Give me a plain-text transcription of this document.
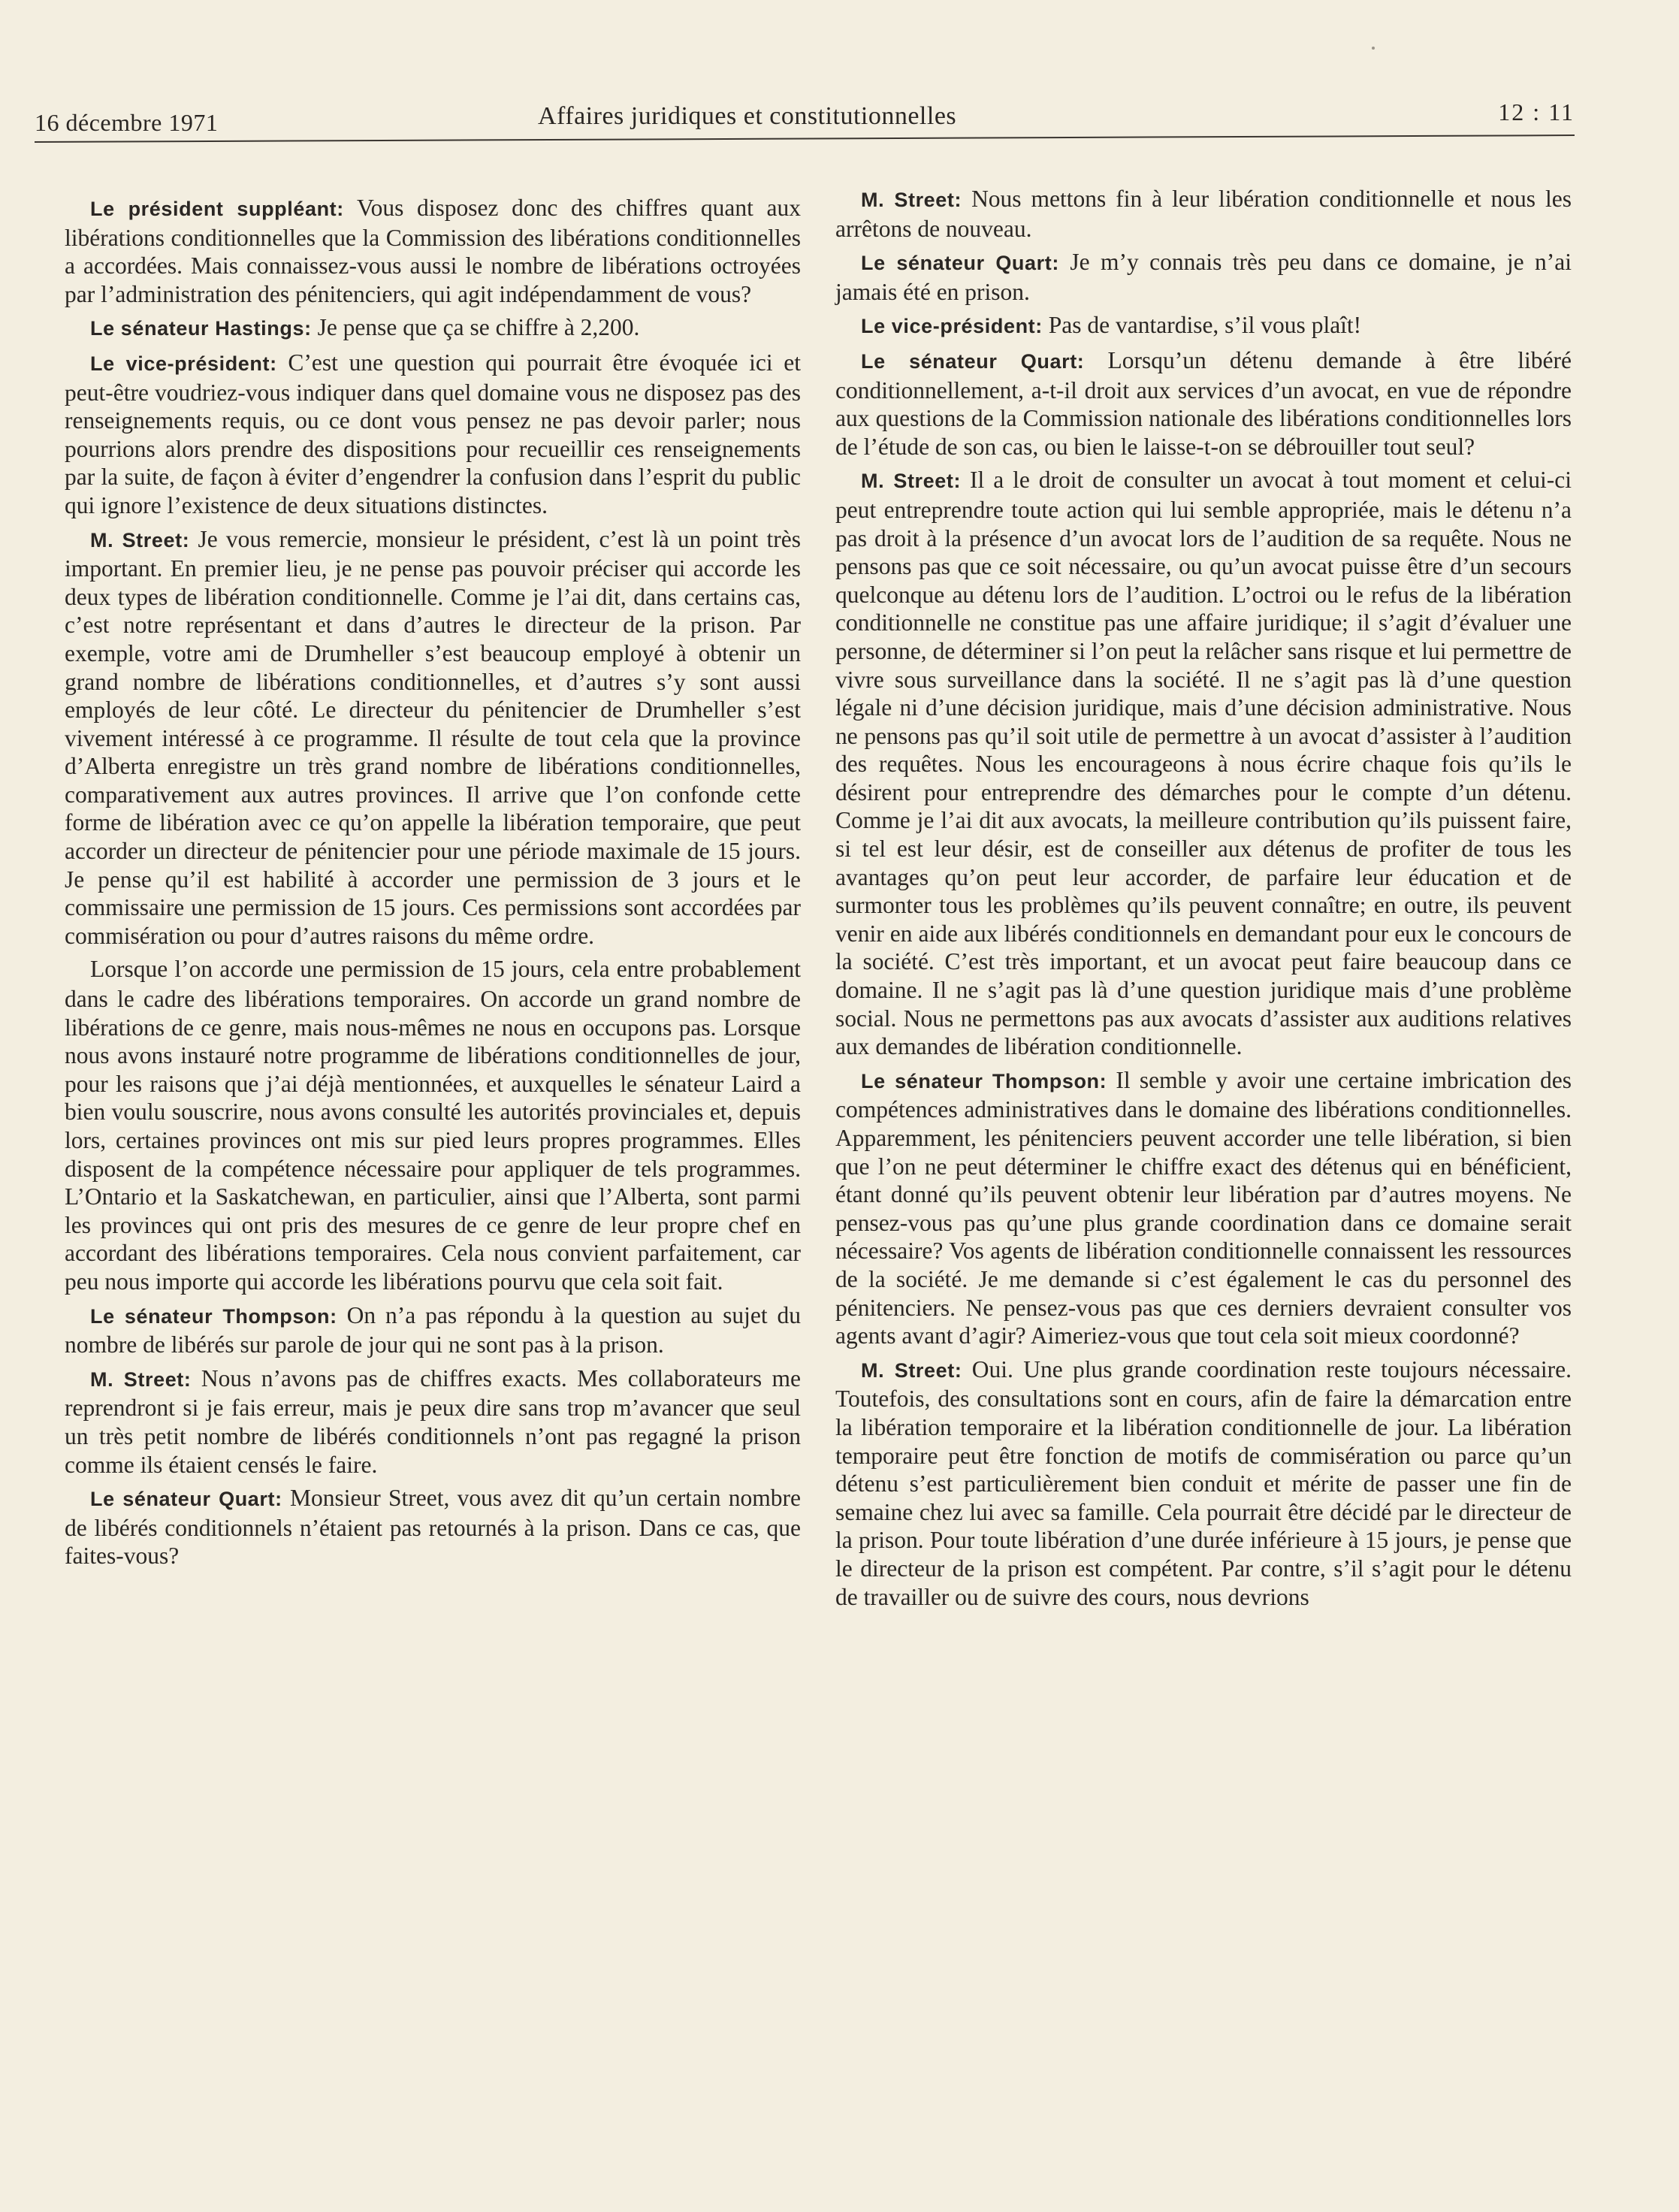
16 décembre 1971	Affaires juridiques et constitutionnelles	12 : 11

Le président suppléant: Vous disposez donc des chiffres quant aux libérations conditionnelles que la Commission des libérations conditionnelles a accordées. Mais connaissez-vous aussi le nombre de libérations octroyées par l’administration des pénitenciers, qui agit indépendamment de vous?

Le sénateur Hastings: Je pense que ça se chiffre à 2,200.

Le vice-président: C’est une question qui pourrait être évoquée ici et peut-être voudriez-vous indiquer dans quel domaine vous ne disposez pas des renseignements requis, ou ce dont vous pensez ne pas devoir parler; nous pourrions alors prendre des dispositions pour recueillir ces renseignements par la suite, de façon à éviter d’engendrer la confusion dans l’esprit du public qui ignore l’existence de deux situations distinctes.

M. Street: Je vous remercie, monsieur le président, c’est là un point très important. En premier lieu, je ne pense pas pouvoir préciser qui accorde les deux types de libération conditionnelle. Comme je l’ai dit, dans certains cas, c’est notre représentant et dans d’autres le directeur de la prison. Par exemple, votre ami de Drumheller s’est beaucoup employé à obtenir un grand nombre de libérations conditionnelles, et d’autres s’y sont aussi employés de leur côté. Le directeur du pénitencier de Drumheller s’est vivement intéressé à ce programme. Il résulte de tout cela que la province d’Alberta enregistre un très grand nombre de libérations conditionnelles, comparativement aux autres provinces. Il arrive que l’on confonde cette forme de libération avec ce qu’on appelle la libération temporaire, que peut accorder un directeur de pénitencier pour une période maximale de 15 jours. Je pense qu’il est habilité à accorder une permission de 3 jours et le commissaire une permission de 15 jours. Ces permissions sont accordées par commisération ou pour d’autres raisons du même ordre.

Lorsque l’on accorde une permission de 15 jours, cela entre probablement dans le cadre des libérations temporaires. On accorde un grand nombre de libérations de ce genre, mais nous-mêmes ne nous en occupons pas. Lorsque nous avons instauré notre programme de libérations conditionnelles de jour, pour les raisons que j’ai déjà mentionnées, et auxquelles le sénateur Laird a bien voulu souscrire, nous avons consulté les autorités provinciales et, depuis lors, certaines provinces ont mis sur pied leurs propres programmes. Elles disposent de la compétence nécessaire pour appliquer de tels programmes. L’Ontario et la Saskatchewan, en particulier, ainsi que l’Alberta, sont parmi les provinces qui ont pris des mesures de ce genre de leur propre chef en accordant des libérations temporaires. Cela nous convient parfaitement, car peu nous importe qui accorde les libérations pourvu que cela soit fait.

Le sénateur Thompson: On n’a pas répondu à la question au sujet du nombre de libérés sur parole de jour qui ne sont pas à la prison.

M. Street: Nous n’avons pas de chiffres exacts. Mes collaborateurs me reprendront si je fais erreur, mais je peux dire sans trop m’avancer que seul un très petit nombre de libérés conditionnels n’ont pas regagné la prison comme ils étaient censés le faire.

Le sénateur Quart: Monsieur Street, vous avez dit qu’un certain nombre de libérés conditionnels n’étaient pas retournés à la prison. Dans ce cas, que faites-vous?

M. Street: Nous mettons fin à leur libération conditionnelle et nous les arrêtons de nouveau.

Le sénateur Quart: Je m’y connais très peu dans ce domaine, je n’ai jamais été en prison.

Le vice-président: Pas de vantardise, s’il vous plaît!

Le sénateur Quart: Lorsqu’un détenu demande à être libéré conditionnellement, a-t-il droit aux services d’un avocat, en vue de répondre aux questions de la Commission nationale des libérations conditionnelles lors de l’étude de son cas, ou bien le laisse-t-on se débrouiller tout seul?

M. Street: Il a le droit de consulter un avocat à tout moment et celui-ci peut entreprendre toute action qui lui semble appropriée, mais le détenu n’a pas droit à la présence d’un avocat lors de l’audition de sa requête. Nous ne pensons pas que ce soit nécessaire, ou qu’un avocat puisse être d’un secours quelconque au détenu lors de l’audition. L’octroi ou le refus de la libération conditionnelle ne constitue pas une affaire juridique; il s’agit d’évaluer une personne, de déterminer si l’on peut la relâcher sans risque et lui permettre de vivre sous surveillance dans la société. Il ne s’agit pas là d’une question légale ni d’une décision juridique, mais d’une décision administrative. Nous ne pensons pas qu’il soit utile de permettre à un avocat d’assister à l’audition des requêtes. Nous les encourageons à nous écrire chaque fois qu’ils le désirent pour entreprendre des démarches pour le compte d’un détenu. Comme je l’ai dit aux avocats, la meilleure contribution qu’ils puissent faire, si tel est leur désir, est de conseiller aux détenus de profiter de tous les avantages qu’on peut leur accorder, de parfaire leur éducation et de surmonter tous les problèmes qu’ils peuvent connaître; en outre, ils peuvent venir en aide aux libérés conditionnels en demandant pour eux le concours de la société. C’est très important, et un avocat peut faire beaucoup dans ce domaine. Il ne s’agit pas là d’une question juridique mais d’une problème social. Nous ne permettons pas aux avocats d’assister aux auditions relatives aux demandes de libération conditionnelle.

Le sénateur Thompson: Il semble y avoir une certaine imbrication des compétences administratives dans le domaine des libérations conditionnelles. Apparemment, les pénitenciers peuvent accorder une telle libération, si bien que l’on ne peut déterminer le chiffre exact des détenus qui en bénéficient, étant donné qu’ils peuvent obtenir leur libération par d’autres moyens. Ne pensez-vous pas qu’une plus grande coordination dans ce domaine serait nécessaire? Vos agents de libération conditionnelle connaissent les ressources de la société. Je me demande si c’est également le cas du personnel des pénitenciers. Ne pensez-vous pas que ces derniers devraient consulter vos agents avant d’agir? Aimeriez-vous que tout cela soit mieux coordonné?

M. Street: Oui. Une plus grande coordination reste toujours nécessaire. Toutefois, des consultations sont en cours, afin de faire la démarcation entre la libération temporaire et la libération conditionnelle de jour. La libération temporaire peut être fonction de motifs de commisération ou parce qu’un détenu s’est particulièrement bien conduit et mérite de passer une fin de semaine chez lui avec sa famille. Cela pourrait être décidé par le directeur de la prison. Pour toute libération d’une durée inférieure à 15 jours, je pense que le directeur de la prison est compétent. Par contre, s’il s’agit pour le détenu de travailler ou de suivre des cours, nous devrions
